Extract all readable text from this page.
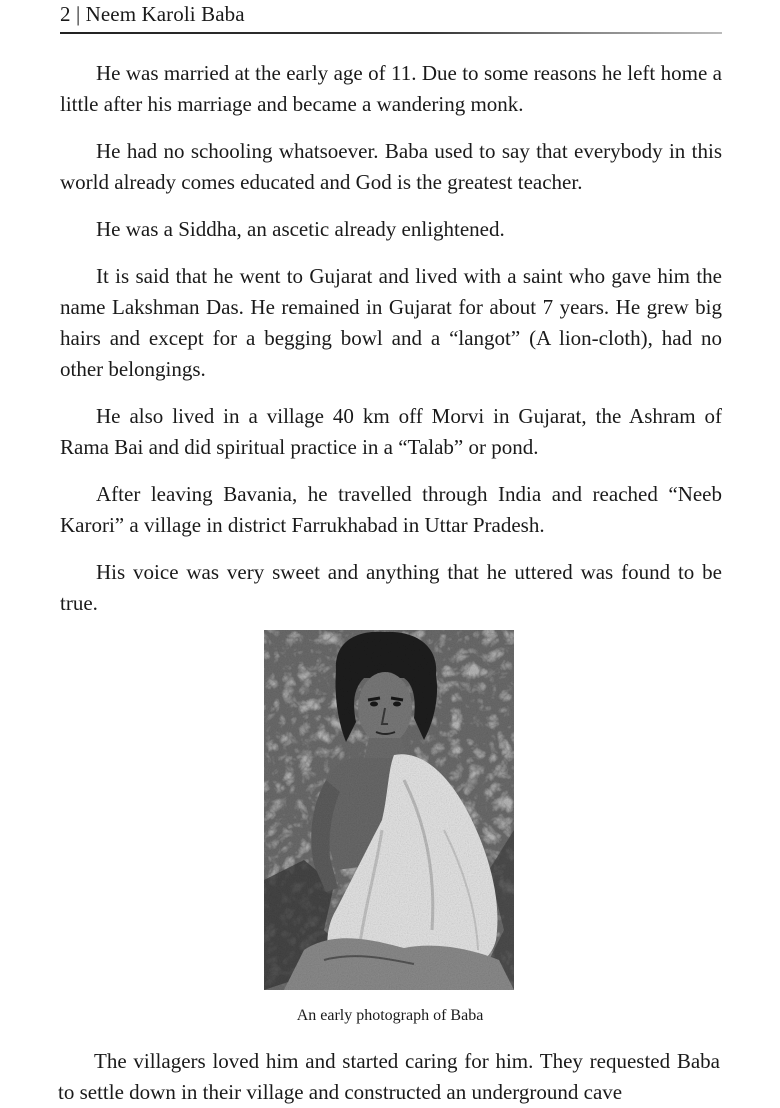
2 | Neem Karoli Baba

He was married at the early age of 11. Due to some reasons he left home a little after his marriage and became a wandering monk.

He had no schooling whatsoever. Baba used to say that everybody in this world already comes educated and God is the greatest teacher.

He was a Siddha, an ascetic already enlightened.

It is said that he went to Gujarat and lived with a saint who gave him the name Lakshman Das. He remained in Gujarat for about 7 years. He grew big hairs and except for a begging bowl and a “langot” (A lion-cloth), had no other belongings.

He also lived in a village 40 km off Morvi in Gujarat, the Ashram of Rama Bai and did spiritual practice in a “Talab” or pond.

After leaving Bavania, he travelled through India and reached “Neeb Karori” a village in district Farrukhabad in Uttar Pradesh.

His voice was very sweet and anything that he uttered was found to be true.

An early photograph of Baba

The villagers loved him and started caring for him. They requested Baba to settle down in their village and constructed an underground cave
